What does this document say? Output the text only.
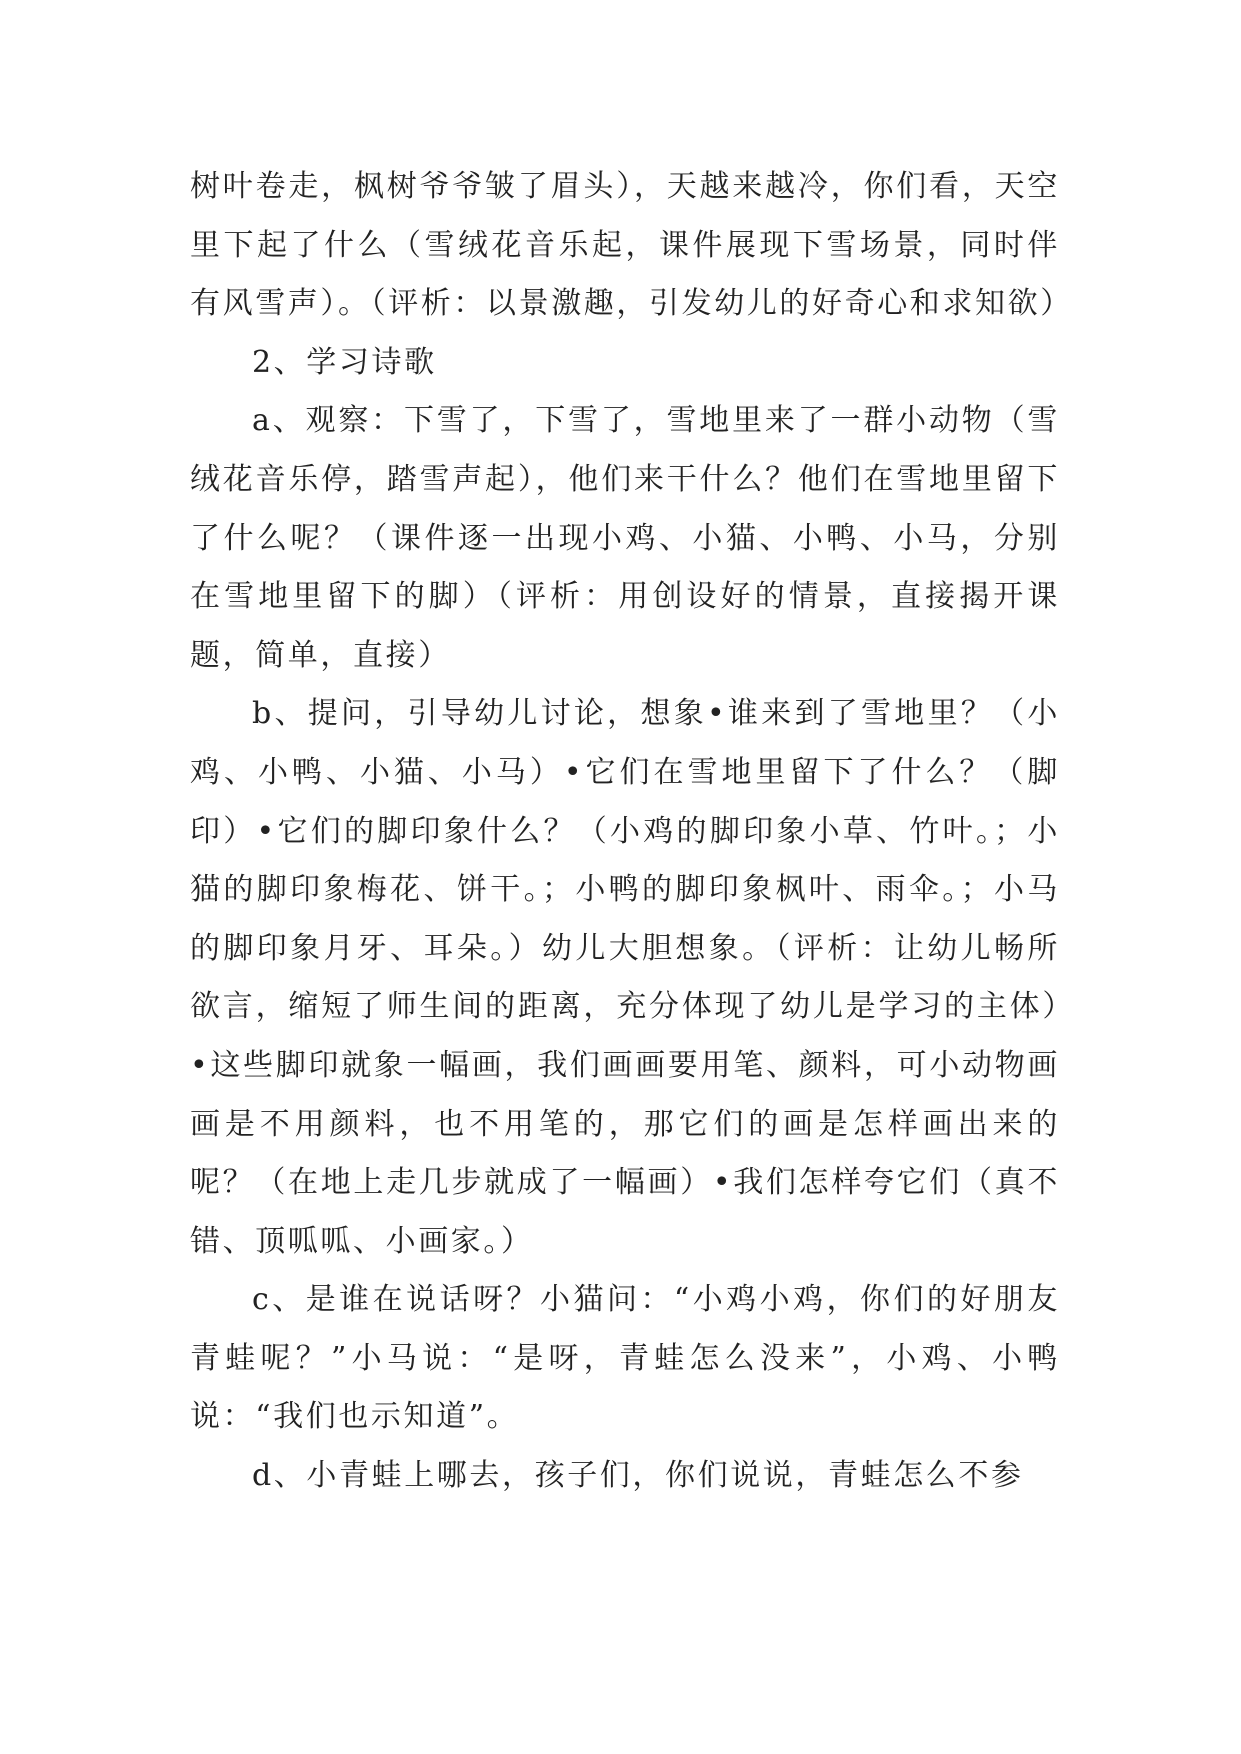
树叶卷走，枫树爷爷皱了眉头），天越来越冷，你们看，天空里下起了什么（雪绒花音乐起，课件展现下雪场景，同时伴有风雪声）。（评析：以景激趣，引发幼儿的好奇心和求知欲）

2、学习诗歌

a、观察：下雪了，下雪了，雪地里来了一群小动物（雪绒花音乐停，踏雪声起），他们来干什么？他们在雪地里留下了什么呢？（课件逐一出现小鸡、小猫、小鸭、小马，分别在雪地里留下的脚）（评析：用创设好的情景，直接揭开课题，简单，直接）

b、提问，引导幼儿讨论，想象•谁来到了雪地里？（小鸡、小鸭、小猫、小马）•它们在雪地里留下了什么？（脚印）•它们的脚印象什么？（小鸡的脚印象小草、竹叶。；小猫的脚印象梅花、饼干。；小鸭的脚印象枫叶、雨伞。；小马的脚印象月牙、耳朵。）幼儿大胆想象。（评析：让幼儿畅所欲言，缩短了师生间的距离，充分体现了幼儿是学习的主体）•这些脚印就象一幅画，我们画画要用笔、颜料，可小动物画画是不用颜料，也不用笔的，那它们的画是怎样画出来的呢？（在地上走几步就成了一幅画）•我们怎样夸它们（真不错、顶呱呱、小画家。）

c、是谁在说话呀？小猫问：“小鸡小鸡，你们的好朋友青蛙呢？”小马说：“是呀，青蛙怎么没来”，小鸡、小鸭说：“我们也示知道”。

d、小青蛙上哪去，孩子们，你们说说，青蛙怎么不参
